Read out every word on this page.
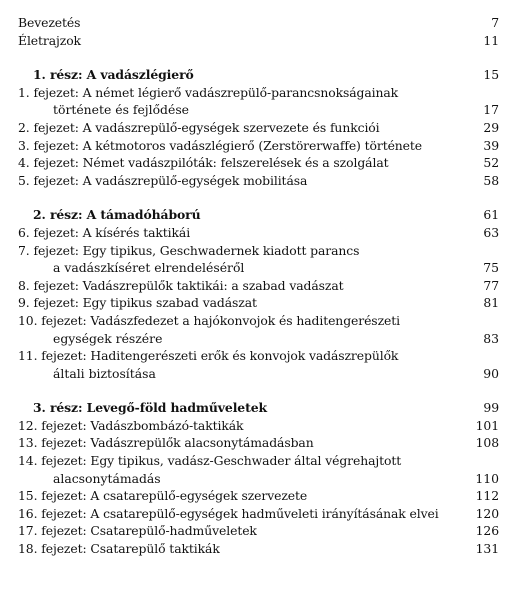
Bevezetés	7
Életrajzok	11
1. rész: A vadászlégierő	15
1. fejezet: A német légierő vadászrepülő-parancsnokságainak
története és fejlődése	17
2. fejezet: A vadászrepülő-egységek szervezete és funkciói	29
3. fejezet: A kétmotoros vadászlégierő (Zerstörerwaffe) története	39
4. fejezet: Német vadászpilóták: felszerelések és a szolgálat	52
5. fejezet: A vadászrepülő-egységek mobilitása	58
2. rész: A támadóháború	61
6. fejezet: A kísérés taktikái	63
7. fejezet: Egy tipikus, Geschwadernek kiadott parancs
a vadászkíséret elrendeléséről	75
8. fejezet: Vadászrepülők taktikái: a szabad vadászat	77
9. fejezet: Egy tipikus szabad vadászat	81
10. fejezet: Vadászfedezet a hajókonvojok és haditengerészeti
egységek részére	83
11. fejezet: Haditengerészeti erők és konvojok vadászrepülők
általi biztosítása	90
3. rész: Levegő-föld hadműveletek	99
12. fejezet: Vadászbombázó-taktikák	101
13. fejezet: Vadászrepülők alacsonytámadásban	108
14. fejezet: Egy tipikus, vadász-Geschwader által végrehajtott
alacsonytámadás	110
15. fejezet: A csatarepülő-egységek szervezete	112
16. fejezet: A csatarepülő-egységek hadműveleti irányításának elvei	120
17. fejezet: Csatarepülő-hadműveletek	126
18. fejezet: Csatarepülő taktikák	131
